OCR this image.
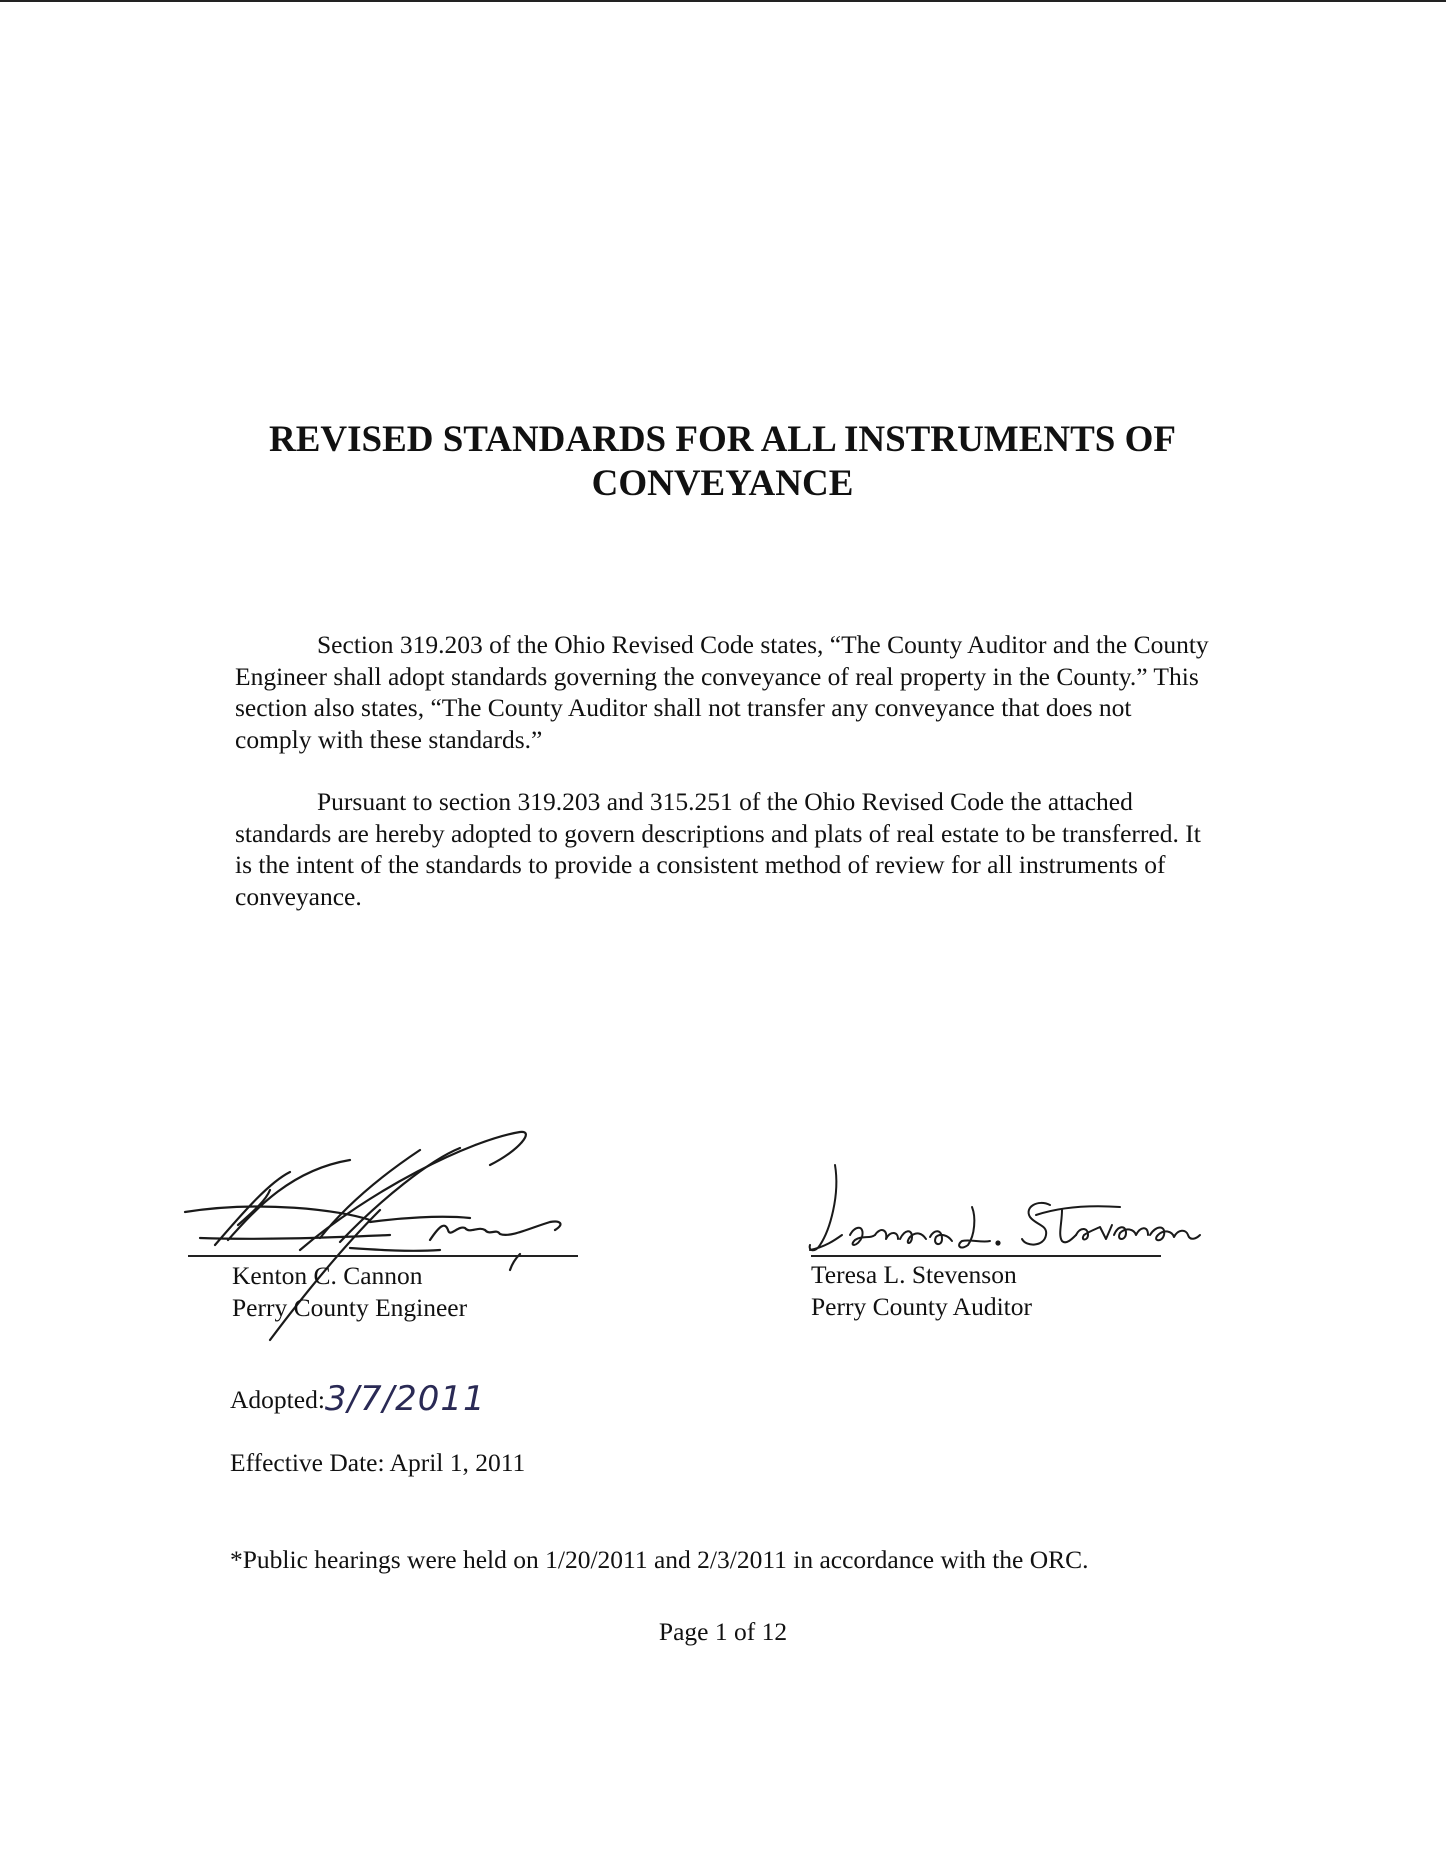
REVISED STANDARDS FOR ALL INSTRUMENTS OF
CONVEYANCE

Section 319.203 of the Ohio Revised Code states, “The County Auditor and the County Engineer shall adopt standards governing the conveyance of real property in the County.” This section also states, “The County Auditor shall not transfer any conveyance that does not comply with these standards.”

Pursuant to section 319.203 and 315.251 of the Ohio Revised Code the attached standards are hereby adopted to govern descriptions and plats of real estate to be transferred. It is the intent of the standards to provide a consistent method of review for all instruments of conveyance.

Kenton C. Cannon
Perry County Engineer
Teresa L. Stevenson
Perry County Auditor
Adopted:3/7/2011
Effective Date: April 1, 2011
*Public hearings were held on 1/20/2011 and 2/3/2011 in accordance with the ORC.
Page 1 of 12
